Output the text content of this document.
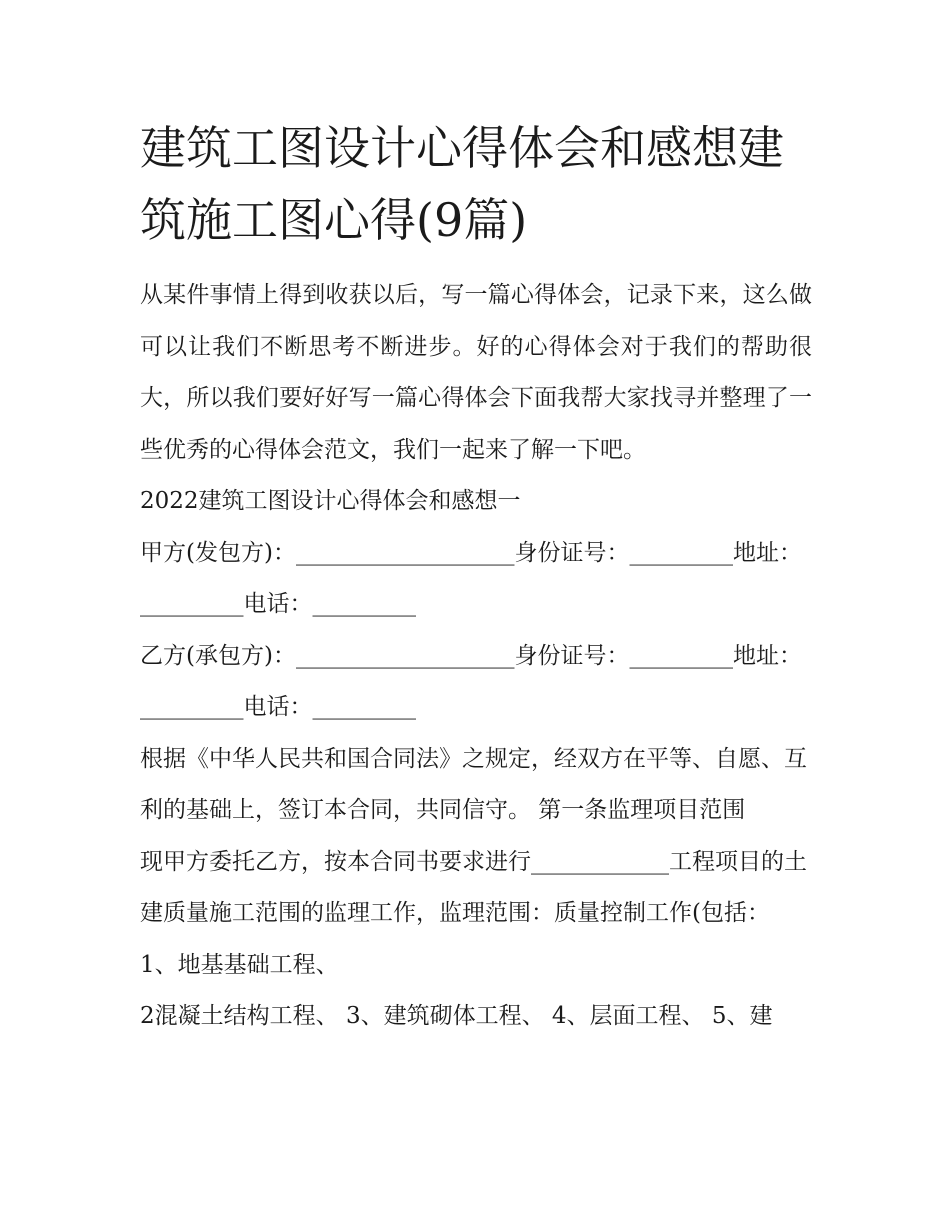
建筑工图设计心得体会和感想建筑施工图心得(9篇)

从某件事情上得到收获以后，写一篇心得体会，记录下来，这么做可以让我们不断思考不断进步。好的心得体会对于我们的帮助很大，所以我们要好好写一篇心得体会下面我帮大家找寻并整理了一些优秀的心得体会范文，我们一起来了解一下吧。

2022建筑工图设计心得体会和感想一

甲方(发包方)：___________________身份证号：_________地址：_________电话：_________

乙方(承包方)：___________________身份证号：_________地址：_________电话：_________

根据《中华人民共和国合同法》之规定，经双方在平等、自愿、互利的基础上，签订本合同，共同信守。 第一条监理项目范围

现甲方委托乙方，按本合同书要求进行____________工程项目的土建质量施工范围的监理工作，监理范围：质量控制工作(包括： 1、地基基础工程、

2混凝土结构工程、 3、建筑砌体工程、 4、层面工程、 5、建
